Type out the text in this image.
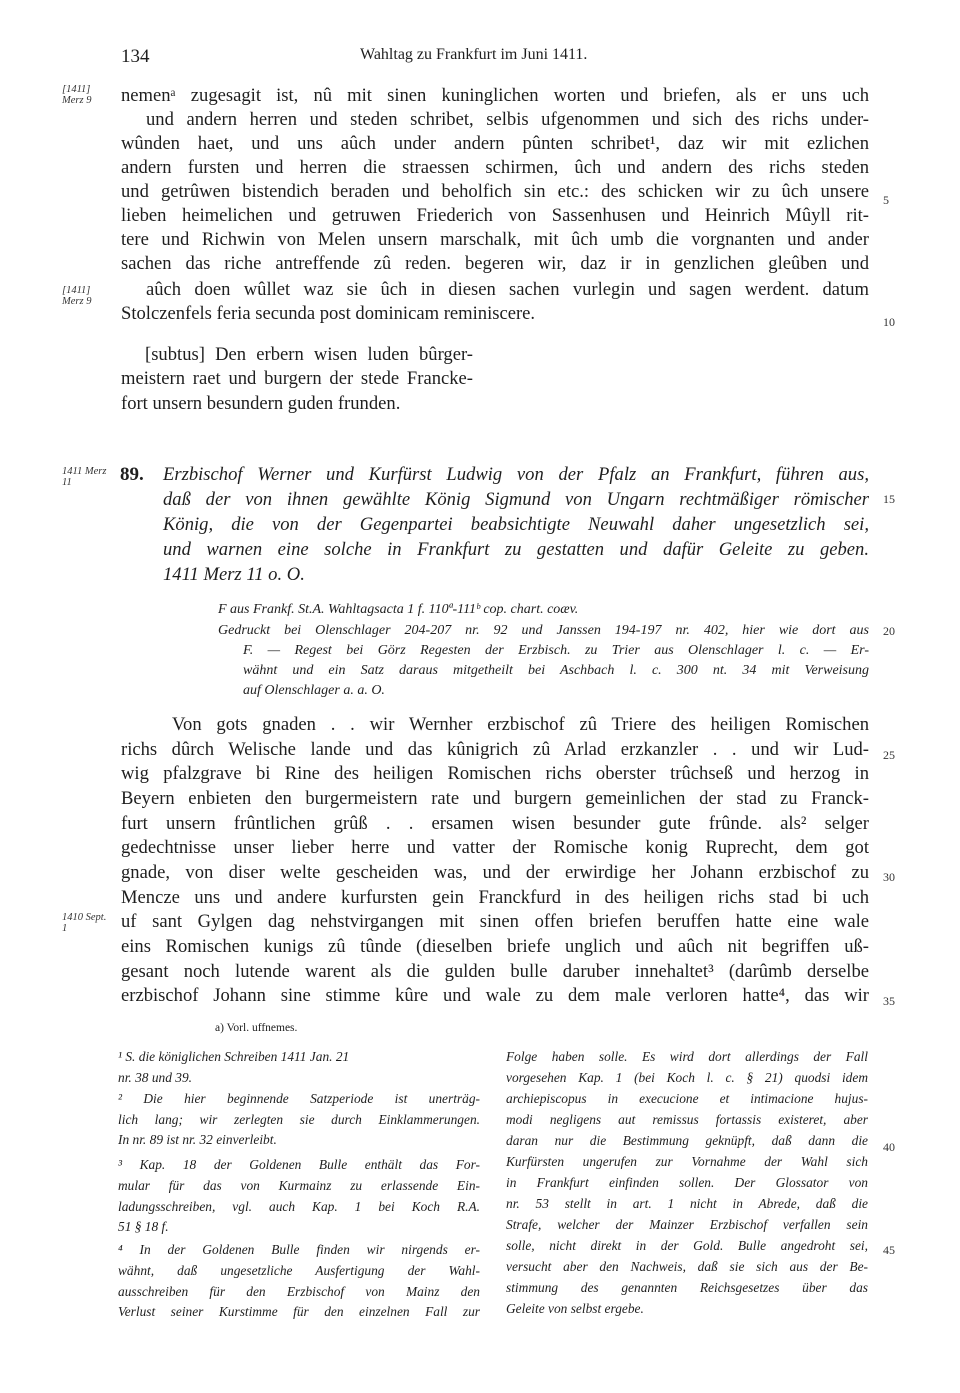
134	Wahltag zu Frankfurt im Juni 1411.
[1411] Merz 9
[1411] Merz 9
1411 Merz 11
1410 Sept. 1
5
10
15
20
25
30
35
40
45
nemenᵃ zugesagit ist, nû mit sinen kuninglichen worten und briefen, als er uns uch
und andern herren und steden schribet, selbis ufgenommen und sich des richs under-
wûnden haet, und uns aûch under andern pûnten schribet¹, daz wir mit ezlichen
andern fursten und herren die straessen schirmen, ûch und andern des richs steden
und getrûwen bistendich beraden und beholfich sin etc.: des schicken wir zu ûch unsere
lieben heimelichen und getruwen Friederich von Sassenhusen und Heinrich Mûyll rit-
tere und Richwin von Melen unsern marschalk, mit ûch umb die vorgnanten und ander
sachen das riche antreffende zû reden. begeren wir, daz ir in genzlichen gleûben und
aûch doen wûllet waz sie ûch in diesen sachen vurlegin und sagen werdent. datum
Stolczenfels feria secunda post dominicam reminiscere.
[subtus] Den erbern wisen luden bûrger-
meistern raet und burgern der stede Francke-
fort unsern besundern guden frunden.
89. Erzbischof Werner und Kurfürst Ludwig von der Pfalz an Frankfurt, führen aus,
daß der von ihnen gewählte König Sigmund von Ungarn rechtmäßiger römischer
König, die von der Gegenpartei beabsichtigte Neuwahl daher ungesetzlich sei,
und warnen eine solche in Frankfurt zu gestatten und dafür Geleite zu geben.
1411 Merz 11 o. O.
F aus Frankf. St.A. Wahltagsacta 1 f. 110ª-111ᵇ cop. chart. coæv.
Gedruckt bei Olenschlager 204-207 nr. 92 und Janssen 194-197 nr. 402, hier wie dort aus
F. — Regest bei Görz Regesten der Erzbisch. zu Trier aus Olenschlager l. c. — Er-
wähnt und ein Satz daraus mitgetheilt bei Aschbach l. c. 300 nt. 34 mit Verweisung
auf Olenschlager a. a. O.
Von gots gnaden . . wir Wernher erzbischof zû Triere des heiligen Romischen
richs dûrch Welische lande und das kûnigrich zû Arlad erzkanzler . . und wir Lud-
wig pfalzgrave bi Rine des heiligen Romischen richs oberster trûchseß und herzog in
Beyern enbieten den burgermeistern rate und burgern gemeinlichen der stad zu Franck-
furt unsern frûntlichen grûß . . ersamen wisen besunder gute frûnde. als² selger
gedechtnisse unser lieber herre und vatter der Romische konig Ruprecht, dem got
gnade, von diser welte gescheiden was, und der erwirdige her Johann erzbischof zu
Mencze uns und andere kurfursten gein Franckfurd in des heiligen richs stad bi uch
uf sant Gylgen dag nehstvirgangen mit sinen offen briefen beruffen hatte eine wale
eins Romischen kunigs zû tûnde (dieselben briefe unglich und aûch nit begriffen uß-
gesant noch lutende warent als die gulden bulle daruber innehaltet³ (darûmb derselbe
erzbischof Johann sine stimme kûre und wale zu dem male verloren hatte⁴, das wir
a) Vorl. uffnemes.
¹ S. die königlichen Schreiben 1411 Jan. 21
nr. 38 und 39.
² Die hier beginnende Satzperiode ist unerträg-
lich lang; wir zerlegten sie durch Einklammerungen.
In nr. 89 ist nr. 32 einverleibt.
³ Kap. 18 der Goldenen Bulle enthält das For-
mular für das von Kurmainz zu erlassende Ein-
ladungsschreiben, vgl. auch Kap. 1 bei Koch R.A.
51 § 18 f.
⁴ In der Goldenen Bulle finden wir nirgends er-
wähnt, daß ungesetzliche Ausfertigung der Wahl-
ausschreiben für den Erzbischof von Mainz den
Verlust seiner Kurstimme für den einzelnen Fall zur
Folge haben solle. Es wird dort allerdings der Fall
vorgesehen Kap. 1 (bei Koch l. c. § 21) quodsi idem
archiepiscopus in execucione et intimacione hujus-
modi negligens aut remissus fortassis existeret, aber
daran nur die Bestimmung geknüpft, daß dann die
Kurfürsten ungerufen zur Vornahme der Wahl sich
in Frankfurt einfinden sollen. Der Glossator von
nr. 53 stellt in art. 1 nicht in Abrede, daß die
Strafe, welcher der Mainzer Erzbischof verfallen sein
solle, nicht direkt in der Gold. Bulle angedroht sei,
versucht aber den Nachweis, daß sie sich aus der Be-
stimmung des genannten Reichsgesetzes über das
Geleite von selbst ergebe.
